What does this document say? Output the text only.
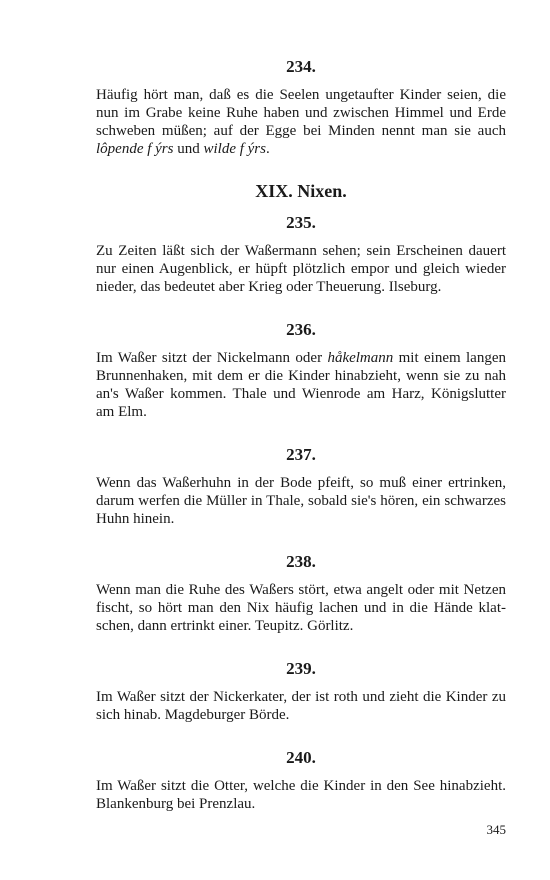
234.

Häufig hört man, daß es die Seelen ungetaufter Kinder seien, die nun im Grabe keine Ruhe haben und zwischen Himmel und Erde schweben müßen; auf der Egge bei Minden nennt man sie auch lôpende f ýrs und wilde f ýrs.

XIX. Nixen.
235.

Zu Zeiten läßt sich der Waßermann sehen; sein Erscheinen dauert nur einen Augenblick, er hüpft plötzlich empor und gleich wieder nieder, das bedeutet aber Krieg oder Theuerung. Ilseburg.

236.

Im Waßer sitzt der Nickelmann oder håkelmann mit einem langen Brunnenhaken, mit dem er die Kinder hinabzieht, wenn sie zu nah an's Waßer kommen. Thale und Wienrode am Harz, Königslutter am Elm.

237.

Wenn das Waßerhuhn in der Bode pfeift, so muß einer ertrinken, darum werfen die Müller in Thale, sobald sie's hören, ein schwarzes Huhn hinein.

238.

Wenn man die Ruhe des Waßers stört, etwa angelt oder mit Netzen fischt, so hört man den Nix häufig lachen und in die Hände klat- schen, dann ertrinkt einer. Teupitz. Görlitz.

239.

Im Waßer sitzt der Nickerkater, der ist roth und zieht die Kinder zu sich hinab. Magdeburger Börde.

240.

Im Waßer sitzt die Otter, welche die Kinder in den See hinabzieht. Blankenburg bei Prenzlau.

345
